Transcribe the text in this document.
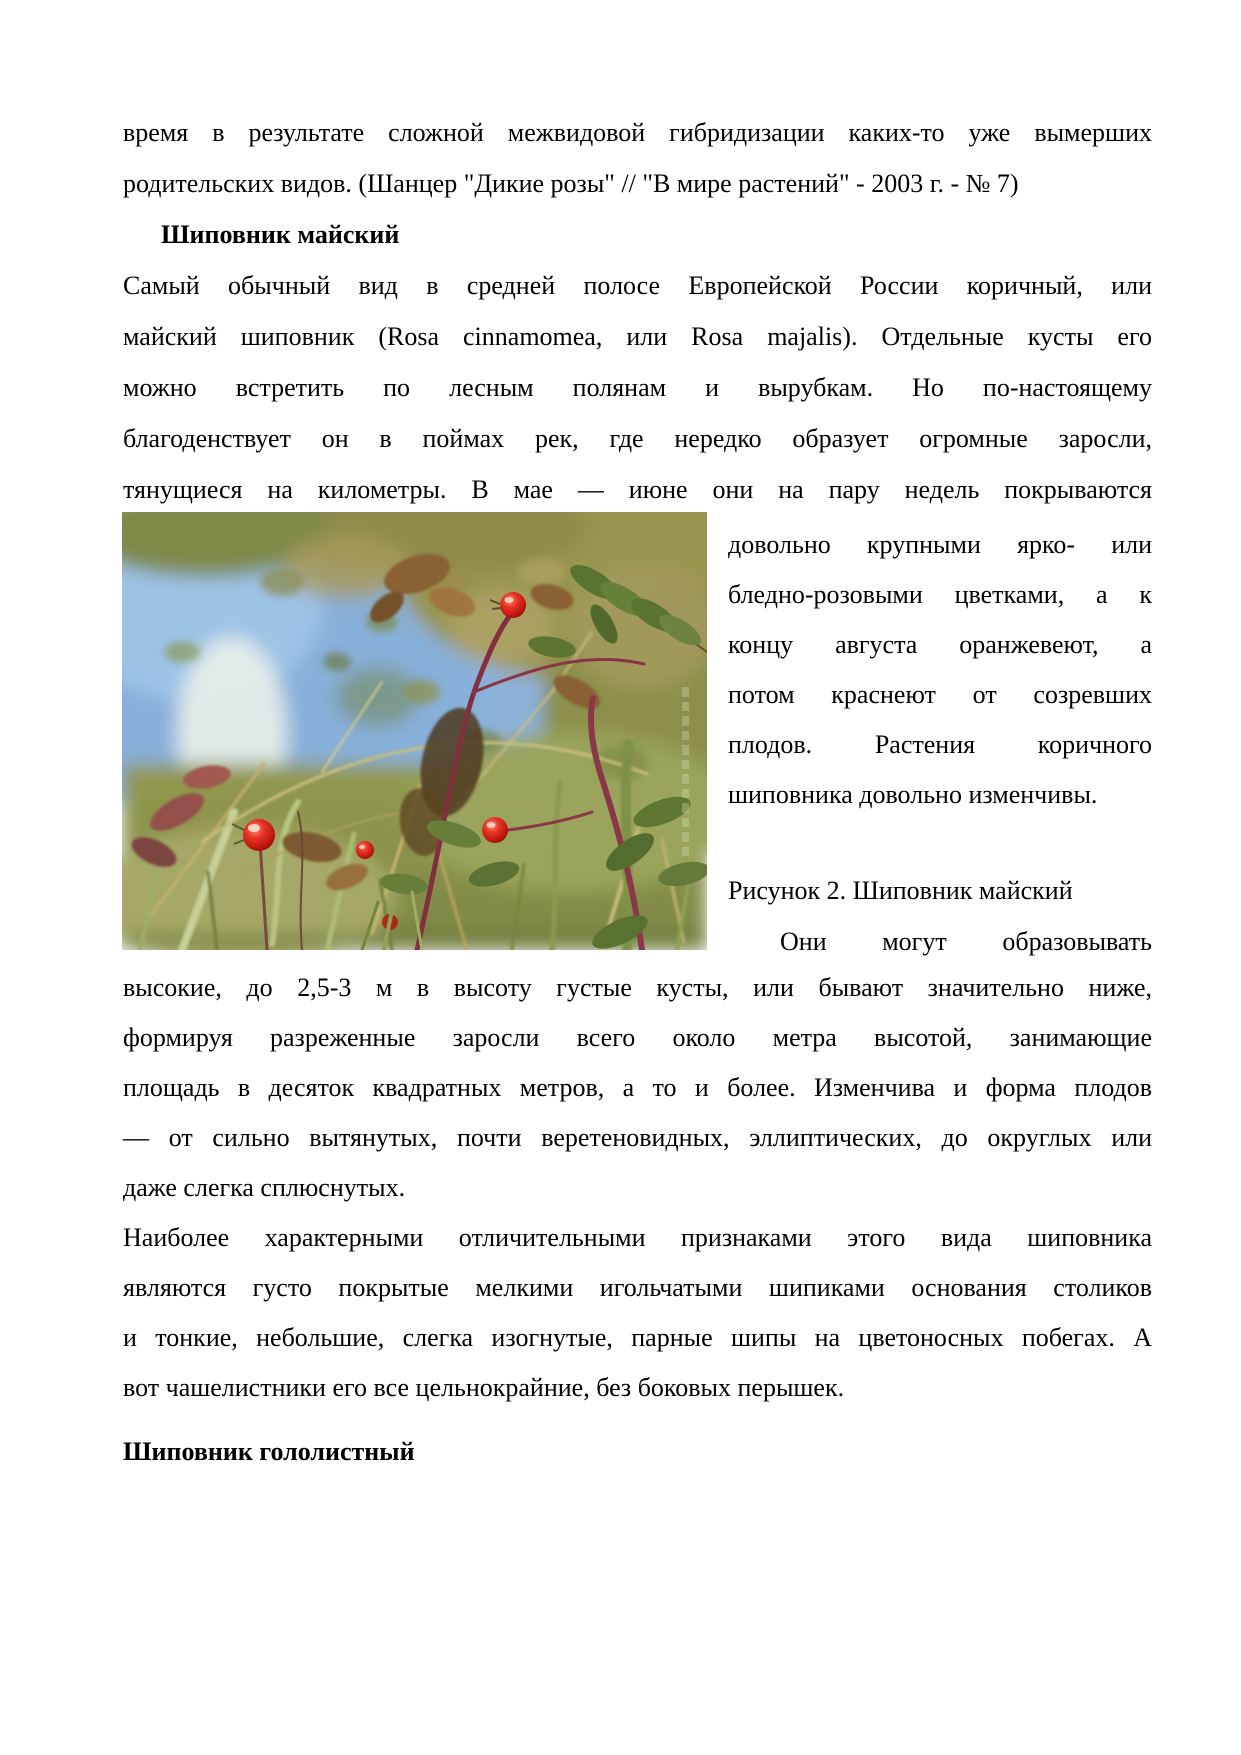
время в результате сложной межвидовой гибридизации каких-то уже вымерших
родительских видов. (Шанцер "Дикие розы" // "В мире растений" - 2003 г. - № 7)
Шиповник майский
Самый обычный вид в средней полосе Европейской России коричный, или
майский шиповник (Rosa cinnamomea, или Rosa majalis). Отдельные кусты его
можно встретить по лесным полянам и вырубкам. Но по-настоящему
благоденствует он в поймах рек, где нередко образует огромные заросли,
тянущиеся на километры. В мае — июне они на пару недель покрываются
довольно крупными ярко- или
бледно-розовыми цветками, а к
концу августа оранжевеют, а
потом краснеют от созревших
плодов. Растения коричного
шиповника довольно изменчивы.
Рисунок 2. Шиповник майский
Они могут образовывать
высокие, до 2,5-3 м в высоту густые кусты, или бывают значительно ниже,
формируя разреженные заросли всего около метра высотой, занимающие
площадь в десяток квадратных метров, а то и более. Изменчива и форма плодов
— от сильно вытянутых, почти веретеновидных, эллиптических, до округлых или
даже слегка сплюснутых.
Наиболее характерными отличительными признаками этого вида шиповника
являются густо покрытые мелкими игольчатыми шипиками основания столиков
и тонкие, небольшие, слегка изогнутые, парные шипы на цветоносных побегах. А
вот чашелистники его все цельнокрайние, без боковых перышек.
Шиповник гололистный
